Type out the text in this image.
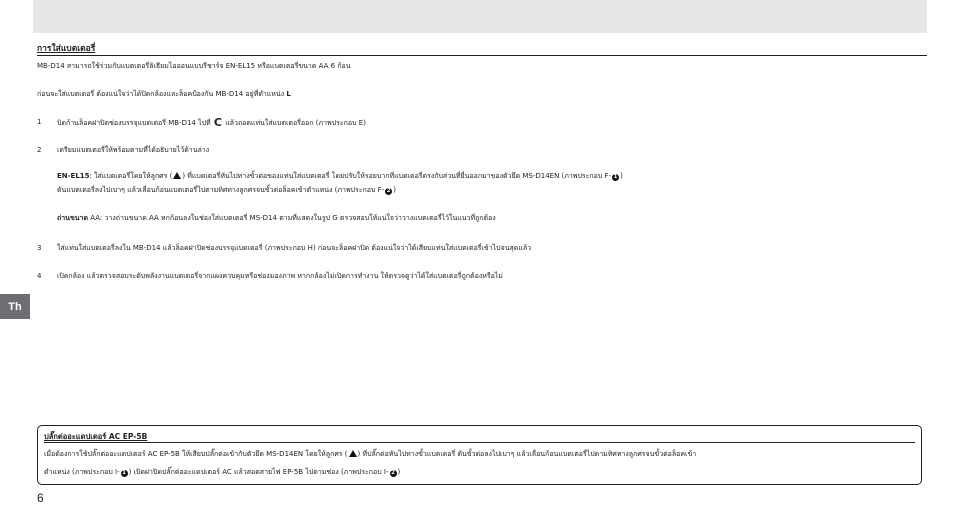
การใส่แบตเตอรี่
MB-D14 สามารถใช้ร่วมกับแบตเตอรี่ลิเธียมไอออนแบบรีชาร์จ EN-EL15 หรือแบตเตอรี่ขนาด AA 6 ก้อน
ก่อนจะใส่แบตเตอรี่ ต้องแน่ใจว่าได้ปิดกล้องและล็อคป้องกัน MB-D14 อยู่ที่ตำแหน่ง L
1 บิดก้านล็อคฝาปิดช่องบรรจุแบตเตอรี่ MB-D14 ไปที่ C แล้วถอดแท่นใส่แบตเตอรี่ออก (ภาพประกอบ E)
2 เตรียมแบตเตอรี่ให้พร้อมตามที่ได้อธิบายไว้ด้านล่าง
EN-EL15: ใส่แบตเตอรี่โดยให้ลูกศร ( ) ที่แบตเตอรี่หันไปทางขั้วต่อของแท่นใส่แบตเตอรี่ โดยปรับให้รอยบากที่แบตเตอรี่ตรงกับส่วนที่ยื่นออกมาของตัวยึด MS-D14EN (ภาพประกอบ F- 1 )
ดันแบตเตอรี่ลงไปเบาๆ แล้วเลื่อนก้อนแบตเตอรี่ไปตามทิศทางลูกศรจนขั้วต่อล็อคเข้าตำแหน่ง (ภาพประกอบ F- 2 )
ถ่านขนาด AA: วางถ่านขนาด AA หกก้อนลงในช่องใส่แบตเตอรี่ MS-D14 ตามที่แสดงในรูป G ตรวจสอบให้แน่ใจว่าวางแบตเตอรี่ไว้ในแนวที่ถูกต้อง
3 ใส่แท่นใส่แบตเตอรี่ลงใน MB-D14 แล้วล็อคฝาปิดช่องบรรจุแบตเตอรี่ (ภาพประกอบ H) ก่อนจะล็อคฝาปิด ต้องแน่ใจว่าได้เสียบแท่นใส่แบตเตอรี่เข้าไปจนสุดแล้ว
4 เปิดกล้อง แล้วตรวจสอบระดับพลังงานแบตเตอรี่จากแผงควบคุมหรือช่องมองภาพ หากกล้องไม่เปิดการทำงาน ให้ตรวจดูว่าได้ใส่แบตเตอรี่ถูกต้องหรือไม่
Th
ปลั๊กต่ออะแดปเตอร์ AC EP-5B
เมื่อต้องการใช้ปลั๊กต่ออะแดปเตอร์ AC EP-5B ให้เสียบปลั๊กต่อเข้ากับตัวยึด MS-D14EN โดยให้ลูกศร ( ) ที่ปลั๊กต่อหันไปทางขั้วแบตเตอรี่ ดันขั้วต่อลงไปเบาๆ แล้วเลื่อนก้อนแบตเตอรี่ไปตามทิศทางลูกศรจนขั้วต่อล็อคเข้า
ตำแหน่ง (ภาพประกอบ I- 1 ) เปิดฝาปิดปลั๊กต่ออะแดปเตอร์ AC แล้วสอดสายไฟ EP-5B ไปตามช่อง (ภาพประกอบ I- 2 )
6
